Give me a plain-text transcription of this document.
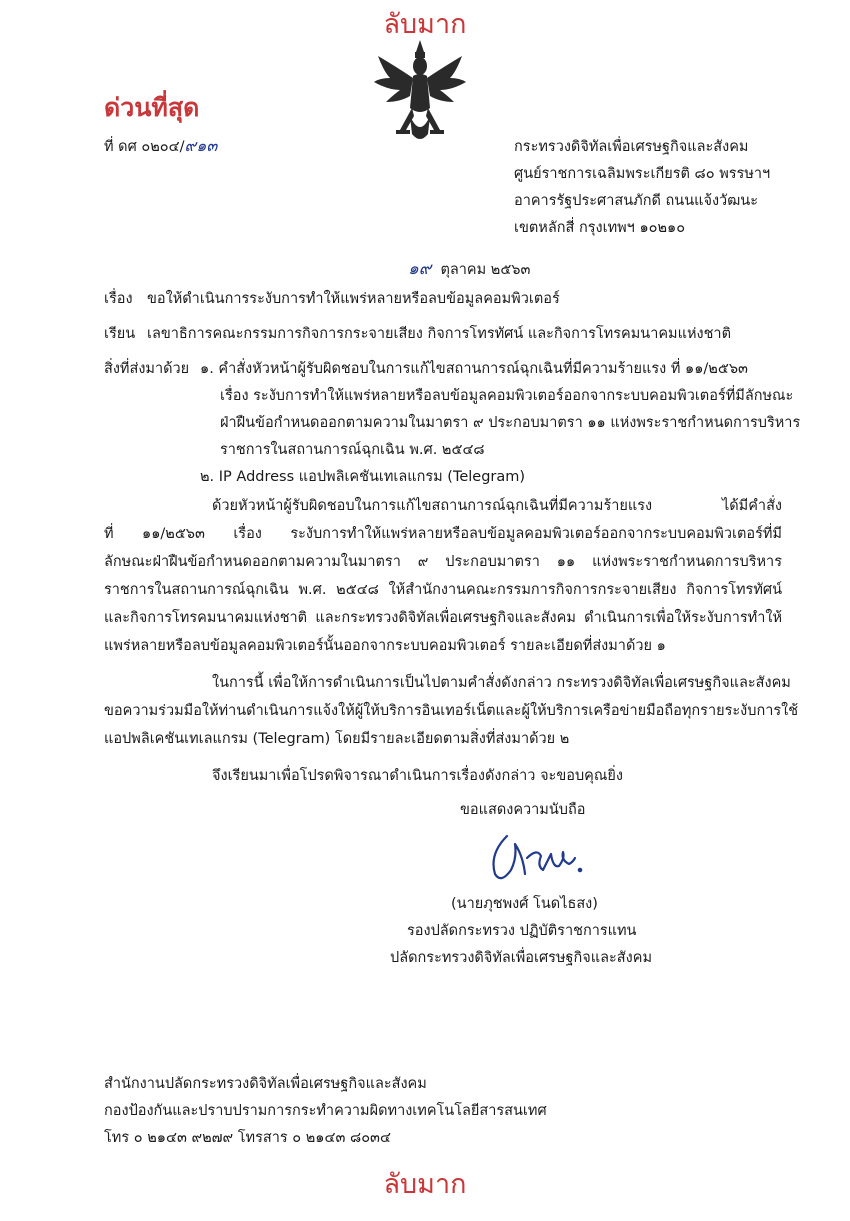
ลับมาก
ด่วนที่สุด
ที่ ดศ ๐๒๐๔/๙๑๓	กระทรวงดิจิทัลเพื่อเศรษฐกิจและสังคม
ศูนย์ราชการเฉลิมพระเกียรติ ๘๐ พรรษาฯ
อาคารรัฐประศาสนภักดี ถนนแจ้งวัฒนะ
เขตหลักสี่ กรุงเทพฯ ๑๐๒๑๐
๑๙ ตุลาคม ๒๕๖๓
เรื่อง ขอให้ดำเนินการระงับการทำให้แพร่หลายหรือลบข้อมูลคอมพิวเตอร์
เรียน เลขาธิการคณะกรรมการกิจการกระจายเสียง กิจการโทรทัศน์ และกิจการโทรคมนาคมแห่งชาติ
สิ่งที่ส่งมาด้วย ๑. คำสั่งหัวหน้าผู้รับผิดชอบในการแก้ไขสถานการณ์ฉุกเฉินที่มีความร้ายแรง ที่ ๑๑/๒๕๖๓
เรื่อง ระงับการทำให้แพร่หลายหรือลบข้อมูลคอมพิวเตอร์ออกจากระบบคอมพิวเตอร์ที่มีลักษณะ
ฝ่าฝืนข้อกำหนดออกตามความในมาตรา ๙ ประกอบมาตรา ๑๑ แห่งพระราชกำหนดการบริหาร
ราชการในสถานการณ์ฉุกเฉิน พ.ศ. ๒๕๔๘
๒. IP Address แอปพลิเคชันเทเลแกรม (Telegram)
ด้วยหัวหน้าผู้รับผิดชอบในการแก้ไขสถานการณ์ฉุกเฉินที่มีความร้ายแรง ได้มีคำสั่ง
ที่ ๑๑/๒๕๖๓ เรื่อง ระงับการทำให้แพร่หลายหรือลบข้อมูลคอมพิวเตอร์ออกจากระบบคอมพิวเตอร์ที่มี
ลักษณะฝ่าฝืนข้อกำหนดออกตามความในมาตรา ๙ ประกอบมาตรา ๑๑ แห่งพระราชกำหนดการบริหาร
ราชการในสถานการณ์ฉุกเฉิน พ.ศ. ๒๕๔๘ ให้สำนักงานคณะกรรมการกิจการกระจายเสียง กิจการโทรทัศน์
และกิจการโทรคมนาคมแห่งชาติ และกระทรวงดิจิทัลเพื่อเศรษฐกิจและสังคม ดำเนินการเพื่อให้ระงับการทำให้
แพร่หลายหรือลบข้อมูลคอมพิวเตอร์นั้นออกจากระบบคอมพิวเตอร์ รายละเอียดที่ส่งมาด้วย ๑
ในการนี้ เพื่อให้การดำเนินการเป็นไปตามคำสั่งดังกล่าว กระทรวงดิจิทัลเพื่อเศรษฐกิจและสังคม
ขอความร่วมมือให้ท่านดำเนินการแจ้งให้ผู้ให้บริการอินเทอร์เน็ตและผู้ให้บริการเครือข่ายมือถือทุกรายระงับการใช้
แอปพลิเคชันเทเลแกรม (Telegram) โดยมีรายละเอียดตามสิ่งที่ส่งมาด้วย ๒
จึงเรียนมาเพื่อโปรดพิจารณาดำเนินการเรื่องดังกล่าว จะขอบคุณยิ่ง
ขอแสดงความนับถือ
(นายภุชพงศ์ โนดไธสง)
รองปลัดกระทรวง ปฏิบัติราชการแทน
ปลัดกระทรวงดิจิทัลเพื่อเศรษฐกิจและสังคม
สำนักงานปลัดกระทรวงดิจิทัลเพื่อเศรษฐกิจและสังคม
กองป้องกันและปราบปรามการกระทำความผิดทางเทคโนโลยีสารสนเทศ
โทร ๐ ๒๑๔๓ ๙๒๗๙ โทรสาร ๐ ๒๑๔๓ ๘๐๓๔
ลับมาก
